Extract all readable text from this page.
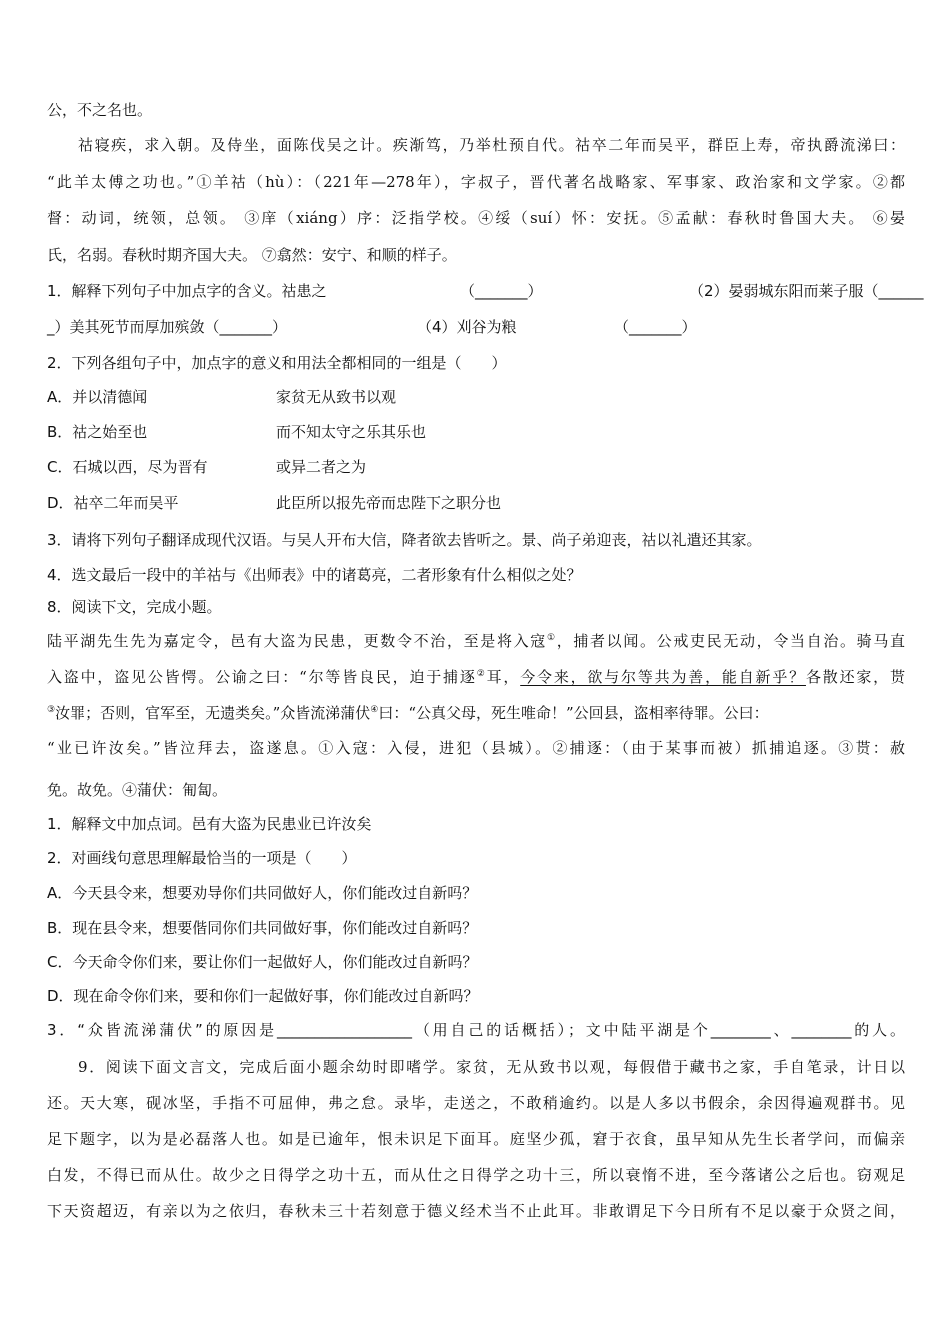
公，不之名也。
祜寝疾，求入朝。及侍坐，面陈伐吴之计。疾渐笃，乃举杜预自代。祜卒二年而吴平，群臣上寿，帝执爵流涕曰：
“此羊太傅之功也。”①羊祜（hù）：（221年—278年），字叔子，晋代著名战略家、军事家、政治家和文学家。②都
督：动词，统领，总领。 ③庠（xiáng）序：泛指学校。④绥（suí）怀：安抚。⑤孟献：春秋时鲁国大夫。 ⑥晏
氏，名弱。春秋时期齐国大夫。 ⑦翕然：安宁、和顺的样子。
1．解释下列句子中加点字的含义。祜患之	（_______）	（2）晏弱城东阳而莱子服（______
_）美其死节而厚加殡敛（_______）	（4）刈谷为粮	（_______）
2．下列各组句子中，加点字的意义和用法全都相同的一组是（　　）
A．并以清德闻	家贫无从致书以观
B．祜之始至也	而不知太守之乐其乐也
C．石城以西，尽为晋有	或异二者之为
D．祜卒二年而吴平	此臣所以报先帝而忠陛下之职分也
3．请将下列句子翻译成现代汉语。与吴人开布大信，降者欲去皆听之。景、尚子弟迎丧，祜以礼遣还其家。
4．选文最后一段中的羊祜与《出师表》中的诸葛亮，二者形象有什么相似之处？
8．阅读下文，完成小题。
陆平湖先生先为嘉定令，邑有大盗为民患，更数令不治，至是将入寇①，捕者以闻。公戒吏民无动，令当自治。骑马直
入盗中，盗见公皆愕。公谕之曰：“尔等皆良民，迫于捕逐②耳，今令来，欲与尔等共为善，能自新乎？各散还家，贳
③汝罪；否则，官军至，无遗类矣。”众皆流涕蒲伏④曰：“公真父母，死生唯命！”公回县，盗相率待罪。公曰：
“业已许汝矣。”皆泣拜去，盗遂息。①入寇：入侵，进犯（县城）。②捕逐：（由于某事而被）抓捕追逐。③贳：赦
免。故免。④蒲伏：匍匐。
1．解释文中加点词。邑有大盗为民患业已许汝矣
2．对画线句意思理解最恰当的一项是（　　）
A．今天县令来，想要劝导你们共同做好人，你们能改过自新吗？
B．现在县令来，想要偕同你们共同做好事，你们能改过自新吗？
C．今天命令你们来，要让你们一起做好人，你们能改过自新吗？
D．现在命令你们来，要和你们一起做好事，你们能改过自新吗？
3．“众皆流涕蒲伏”的原因是__________________（用自己的话概括）；文中陆平湖是个________、________的人。
9．阅读下面文言文，完成后面小题余幼时即嗜学。家贫，无从致书以观，每假借于藏书之家，手自笔录，计日以
还。天大寒，砚冰坚，手指不可屈伸，弗之怠。录毕，走送之，不敢稍逾约。以是人多以书假余，余因得遍观群书。见
足下题字，以为是必磊落人也。如是已逾年，恨未识足下面耳。庭坚少孤，窘于衣食，虽早知从先生长者学问，而偏亲
白发，不得已而从仕。故少之日得学之功十五，而从仕之日得学之功十三，所以衰惰不进，至今落诸公之后也。窃观足
下天资超迈，有亲以为之依归，春秋未三十若刻意于德义经术当不止此耳。非敢谓足下今日所有不足以豪于众贤之间，
